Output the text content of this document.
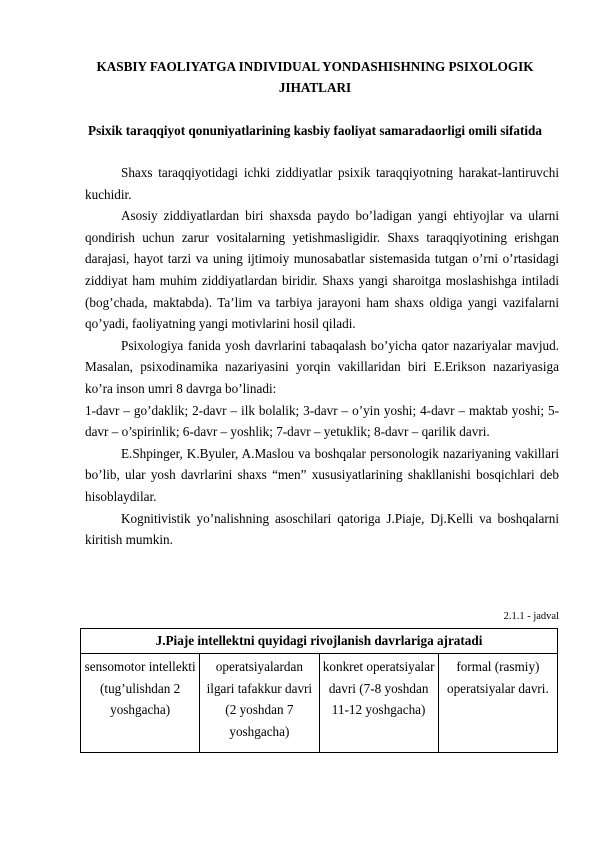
KASBIY FAOLIYATGA INDIVIDUAL YONDASHISHNING PSIXOLOGIK JIHATLARI
Psixik taraqqiyot qonuniyatlarining kasbiy faoliyat samaradaorligi omili sifatida

Shaxs taraqqiyotidagi ichki ziddiyatlar psixik taraqqiyotning harakat-lantiruvchi kuchidir.

Asosiy ziddiyatlardan biri shaxsda paydo bo’ladigan yangi ehtiyojlar va ularni qondirish uchun zarur vositalarning yetishmasligidir. Shaxs taraqqiyotining erishgan darajasi, hayot tarzi va uning ijtimoiy munosabatlar sistemasida tutgan o’rni o’rtasidagi ziddiyat ham muhim ziddiyatlardan biridir. Shaxs yangi sharoitga moslashishga intiladi (bog’chada, maktabda). Ta’lim va tarbiya jarayoni ham shaxs oldiga yangi vazifalarni qo’yadi, faoliyatning yangi motivlarini hosil qiladi.

Psixologiya fanida yosh davrlarini tabaqalash bo’yicha qator nazariyalar mavjud. Masalan, psixodinamika nazariyasini yorqin vakillaridan biri E.Erikson nazariyasiga ko’ra inson umri 8 davrga bo’linadi:

1-davr – go’daklik; 2-davr – ilk bolalik; 3-davr – o’yin yoshi; 4-davr – maktab yoshi; 5-davr – o’spirinlik; 6-davr – yoshlik; 7-davr – yetuklik; 8-davr – qarilik davri.

E.Shpinger, K.Byuler, A.Maslou va boshqalar personologik nazariyaning vakillari bo’lib, ular yosh davrlarini shaxs “men” xususiyatlarining shakllanishi bosqichlari deb hisoblaydilar.

Kognitivistik yo’nalishning asoschilari qatoriga J.Piaje, Dj.Kelli va boshqalarni kiritish mumkin.

2.1.1 - jadval
J.Piaje intellektni quyidagi rivojlanish davrlariga ajratadi
sensomotor intellekti (tug’ulishdan 2 yoshgacha)	operatsiyalardan ilgari tafakkur davri (2 yoshdan 7 yoshgacha)	konkret operatsiyalar davri (7-8 yoshdan 11-12 yoshgacha)	formal (rasmiy) operatsiyalar davri.
